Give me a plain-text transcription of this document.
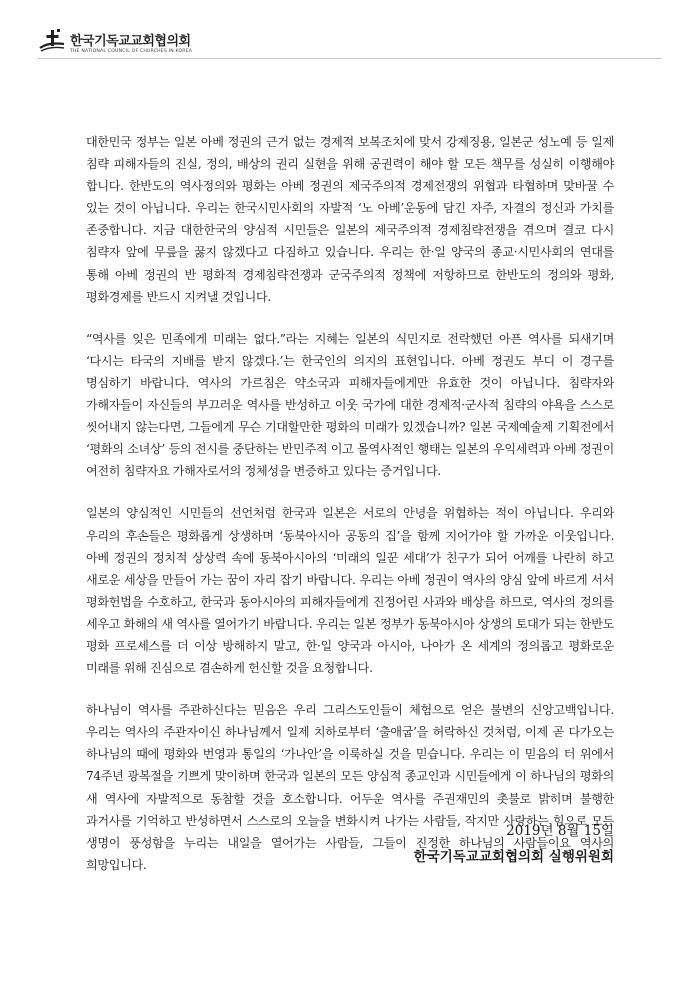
한국기독교교회협의회
THE NATIONAL COUNCIL OF CHURCHES IN KOREA

대한민국 정부는 일본 아베 정권의 근거 없는 경제적 보복조치에 맞서 강제징용, 일본군 성노예 등 일제 침략 피해자들의 진실, 정의, 배상의 권리 실현을 위해 공권력이 해야 할 모든 책무를 성실히 이행해야 합니다. 한반도의 역사정의와 평화는 아베 정권의 제국주의적 경제전쟁의 위협과 타협하며 맞바꿀 수 있는 것이 아닙니다. 우리는 한국시민사회의 자발적 ‘노 아베’운동에 담긴 자주, 자결의 정신과 가치를 존중합니다. 지금 대한한국의 양심적 시민들은 일본의 제국주의적 경제침략전쟁을 겪으며 결코 다시 침략자 앞에 무릎을 꿇지 않겠다고 다짐하고 있습니다. 우리는 한·일 양국의 종교·시민사회의 연대를 통해 아베 정권의 반 평화적 경제침략전쟁과 군국주의적 정책에 저항하므로 한반도의 정의와 평화, 평화경제를 반드시 지켜낼 것입니다.

“역사를 잊은 민족에게 미래는 없다.”라는 지혜는 일본의 식민지로 전락했던 아픈 역사를 되새기며 ‘다시는 타국의 지배를 받지 않겠다.’는 한국인의 의지의 표현입니다. 아베 정권도 부디 이 경구를 명심하기 바랍니다. 역사의 가르침은 약소국과 피해자들에게만 유효한 것이 아닙니다. 침략자와 가해자들이 자신들의 부끄러운 역사를 반성하고 이웃 국가에 대한 경제적·군사적 침략의 야욕을 스스로 씻어내지 않는다면, 그들에게 무슨 기대할만한 평화의 미래가 있겠습니까? 일본 국제예술제 기획전에서 ‘평화의 소녀상’ 등의 전시를 중단하는 반민주적 이고 몰역사적인 행태는 일본의 우익세력과 아베 정권이 여전히 침략자요 가해자로서의 정체성을 변증하고 있다는 증거입니다.

일본의 양심적인 시민들의 선언처럼 한국과 일본은 서로의 안녕을 위협하는 적이 아닙니다. 우리와 우리의 후손들은 평화롭게 상생하며 ‘동북아시아 공동의 집’을 함께 지어가야 할 가까운 이웃입니다. 아베 정권의 정치적 상상력 속에 동북아시아의 ‘미래의 일꾼 세대’가 친구가 되어 어깨를 나란히 하고 새로운 세상을 만들어 가는 꿈이 자리 잡기 바랍니다. 우리는 아베 정권이 역사의 양심 앞에 바르게 서서 평화헌법을 수호하고, 한국과 동아시아의 피해자들에게 진정어린 사과와 배상을 하므로, 역사의 정의를 세우고 화해의 새 역사를 열어가기 바랍니다. 우리는 일본 정부가 동북아시아 상생의 토대가 되는 한반도 평화 프로세스를 더 이상 방해하지 말고, 한·일 양국과 아시아, 나아가 온 세계의 정의롭고 평화로운 미래를 위해 진심으로 겸손하게 헌신할 것을 요청합니다.

하나님이 역사를 주관하신다는 믿음은 우리 그리스도인들이 체험으로 얻은 불변의 신앙고백입니다. 우리는 역사의 주관자이신 하나님께서 일제 치하로부터 ‘출애굽’을 허락하신 것처럼, 이제 곧 다가오는 하나님의 때에 평화와 번영과 통일의 ‘가나안’을 이룩하실 것을 믿습니다. 우리는 이 믿음의 터 위에서 74주년 광복절을 기쁘게 맞이하며 한국과 일본의 모든 양심적 종교인과 시민들에게 이 하나님의 평화의 새 역사에 자발적으로 동참할 것을 호소합니다. 어두운 역사를 주권재민의 촛불로 밝히며 불행한 과거사를 기억하고 반성하면서 스스로의 오늘을 변화시켜 나가는 사람들, 작지만 사랑하는 힘으로 모든 생명이 풍성함을 누리는 내일을 열어가는 사람들, 그들이 진정한 하나님의 사람들이요 역사의 희망입니다.

2019년 8월 15일
한국기독교교회협의회 실행위원회
